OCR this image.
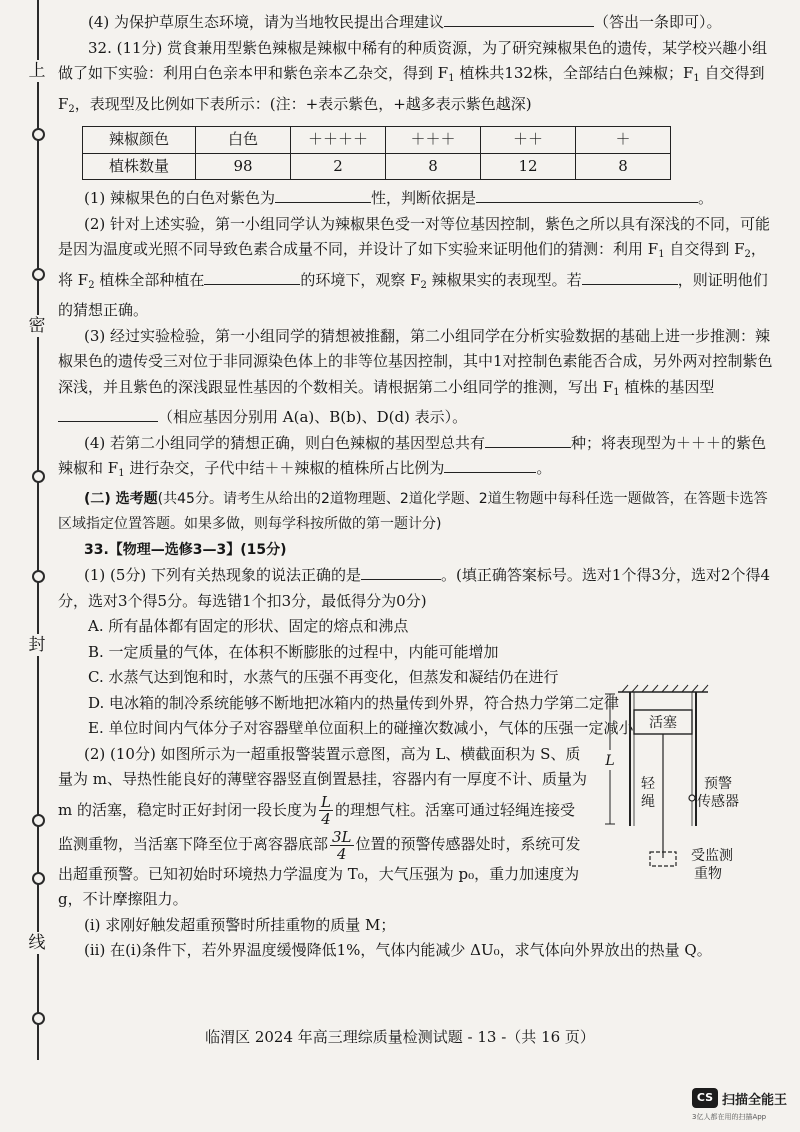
上
密
封
线

(4) 为保护草原生态环境，请为当地牧民提出合理建议	（答出一条即可）。

32. (11分) 赏食兼用型紫色辣椒是辣椒中稀有的种质资源，为了研究辣椒果色的遗传，某学校兴趣小组做了如下实验：利用白色亲本甲和紫色亲本乙杂交，得到 $F_1$ 植株共132株，全部结白色辣椒；$F_1$ 自交得到 $F_2$，表现型及比例如下表所示：(注：+表示紫色，+越多表示紫色越深)

辣椒颜色	白色	＋＋＋＋	＋＋＋	＋＋	＋
植株数量	98	2	8	12	8

(1) 辣椒果色的白色对紫色为	性，判断依据是	。

(2) 针对上述实验，第一小组同学认为辣椒果色受一对等位基因控制，紫色之所以具有深浅的不同，可能是因为温度或光照不同导致色素合成量不同，并设计了如下实验来证明他们的猜测：利用 $F_1$ 自交得到 $F_2$，将 $F_2$ 植株全部种植在	的环境下，观察 $F_2$ 辣椒果实的表现型。若	，则证明他们的猜想正确。

(3) 经过实验检验，第一小组同学的猜想被推翻，第二小组同学在分析实验数据的基础上进一步推测：辣椒果色的遗传受三对位于非同源染色体上的非等位基因控制，其中1对控制色素能否合成，另外两对控制紫色深浅，并且紫色的深浅跟显性基因的个数相关。请根据第二小组同学的推测，写出 $F_1$ 植株的基因型（相应基因分别用 A(a)、B(b)、D(d) 表示）。

(4) 若第二小组同学的猜想正确，则白色辣椒的基因型总共有	种；将表现型为＋＋＋的紫色辣椒和 $F_1$ 进行杂交，子代中结＋＋辣椒的植株所占比例为	。

(二) 选考题(共45分。请考生从给出的2道物理题、2道化学题、2道生物题中每科任选一题做答，在答题卡选答区域指定位置答题。如果多做，则每学科按所做的第一题计分)

33.【物理—选修3—3】(15分)

(1) (5分) 下列有关热现象的说法正确的是	。(填正确答案标号。选对1个得3分，选对2个得4分，选对3个得5分。每选错1个扣3分，最低得分为0分)

A. 所有晶体都有固定的形状、固定的熔点和沸点

B. 一定质量的气体，在体积不断膨胀的过程中，内能可能增加

C. 水蒸气达到饱和时，水蒸气的压强不再变化，但蒸发和凝结仍在进行

D. 电冰箱的制冷系统能够不断地把冰箱内的热量传到外界，符合热力学第二定律

E. 单位时间内气体分子对容器壁单位面积上的碰撞次数减小，气体的压强一定减小

(2) (10分) 如图所示为一超重报警装置示意图，高为 L、横截面积为 S、质

量为 m、导热性能良好的薄壁容器竖直倒置悬挂，容器内有一厚度不计、质量为

m 的活塞，稳定时正好封闭一段长度为 $\frac{L}{4}$ 的理想气柱。活塞可通过轻绳连接受

监测重物，当活塞下降至位于离容器底部 $\frac{3L}{4}$ 位置的预警传感器处时，系统可发

出超重预警。已知初始时环境热力学温度为 T₀，大气压强为 p₀，重力加速度为

g，不计摩擦阻力。

(i) 求刚好触发超重预警时所挂重物的质量 M；

(ii) 在(i)条件下，若外界温度缓慢降低1%，气体内能减少 ΔU₀，求气体向外界放出的热量 Q。

活塞
轻
绳
L
预警
传感器
受监测
重物
临渭区 2024 年高三理综质量检测试题 - 13 -（共 16 页）
CS 扫描全能王
3亿人都在用的扫描App
